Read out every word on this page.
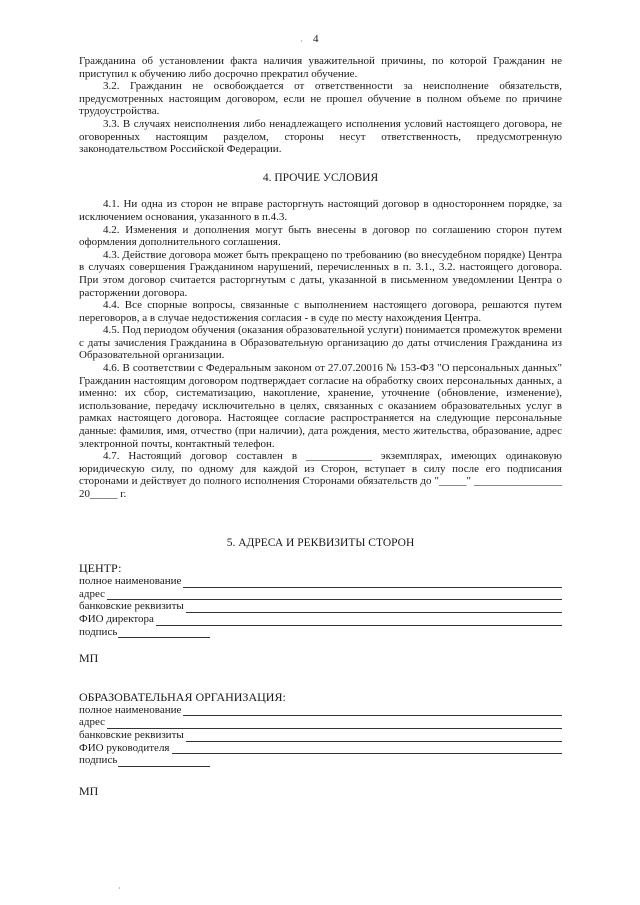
4

Гражданина об установлении факта наличия уважительной причины, по которой Гражданин не приступил к обучению либо досрочно прекратил обучение.

3.2. Гражданин не освобождается от ответственности за неисполнение обязательств, предусмотренных настоящим договором, если не прошел обучение в полном объеме по причине трудоустройства.

3.3. В случаях неисполнения либо ненадлежащего исполнения условий настоящего договора, не оговоренных настоящим разделом, стороны несут ответственность, предусмотренную законодательством Российской Федерации.

4. ПРОЧИЕ УСЛОВИЯ

4.1. Ни одна из сторон не вправе расторгнуть настоящий договор в одностороннем порядке, за исключением основания, указанного в п.4.3.

4.2. Изменения и дополнения могут быть внесены в договор по соглашению сторон путем оформления дополнительного соглашения.

4.3. Действие договора может быть прекращено по требованию (во внесудебном порядке) Центра в случаях совершения Гражданином нарушений, перечисленных в п. 3.1., 3.2. настоящего договора. При этом договор считается расторгнутым с даты, указанной в письменном уведомлении Центра о расторжении договора.

4.4. Все спорные вопросы, связанные с выполнением настоящего договора, решаются путем переговоров, а в случае недостижения согласия - в суде по месту нахождения Центра.

4.5. Под периодом обучения (оказания образовательной услуги) понимается промежуток времени с даты зачисления Гражданина в Образовательную организацию до даты отчисления Гражданина из Образовательной организации.

4.6. В соответствии с Федеральным законом от 27.07.20016 № 153-ФЗ "О персональных данных" Гражданин настоящим договором подтверждает согласие на обработку своих персональных данных, а именно: их сбор, систематизацию, накопление, хранение, уточнение (обновление, изменение), использование, передачу исключительно в целях, связанных с оказанием образовательных услуг в рамках настоящего договора. Настоящее согласие распространяется на следующие персональные данные: фамилия, имя, отчество (при наличии), дата рождения, место жительства, образование, адрес электронной почты, контактный телефон.

4.7. Настоящий договор составлен в ____________ экземплярах, имеющих одинаковую юридическую силу, по одному для каждой из Сторон, вступает в силу после его подписания сторонами и действует до полного исполнения Сторонами обязательств до "_____" ________________ 20_____ г.

5. АДРЕСА И РЕКВИЗИТЫ СТОРОН

ЦЕНТР:

полное наименование
адрес
банковские реквизиты
ФИО директора
подпись

МП

ОБРАЗОВАТЕЛЬНАЯ ОРГАНИЗАЦИЯ:

полное наименование
адрес
банковские реквизиты
ФИО руководителя
подпись

МП

·
·
